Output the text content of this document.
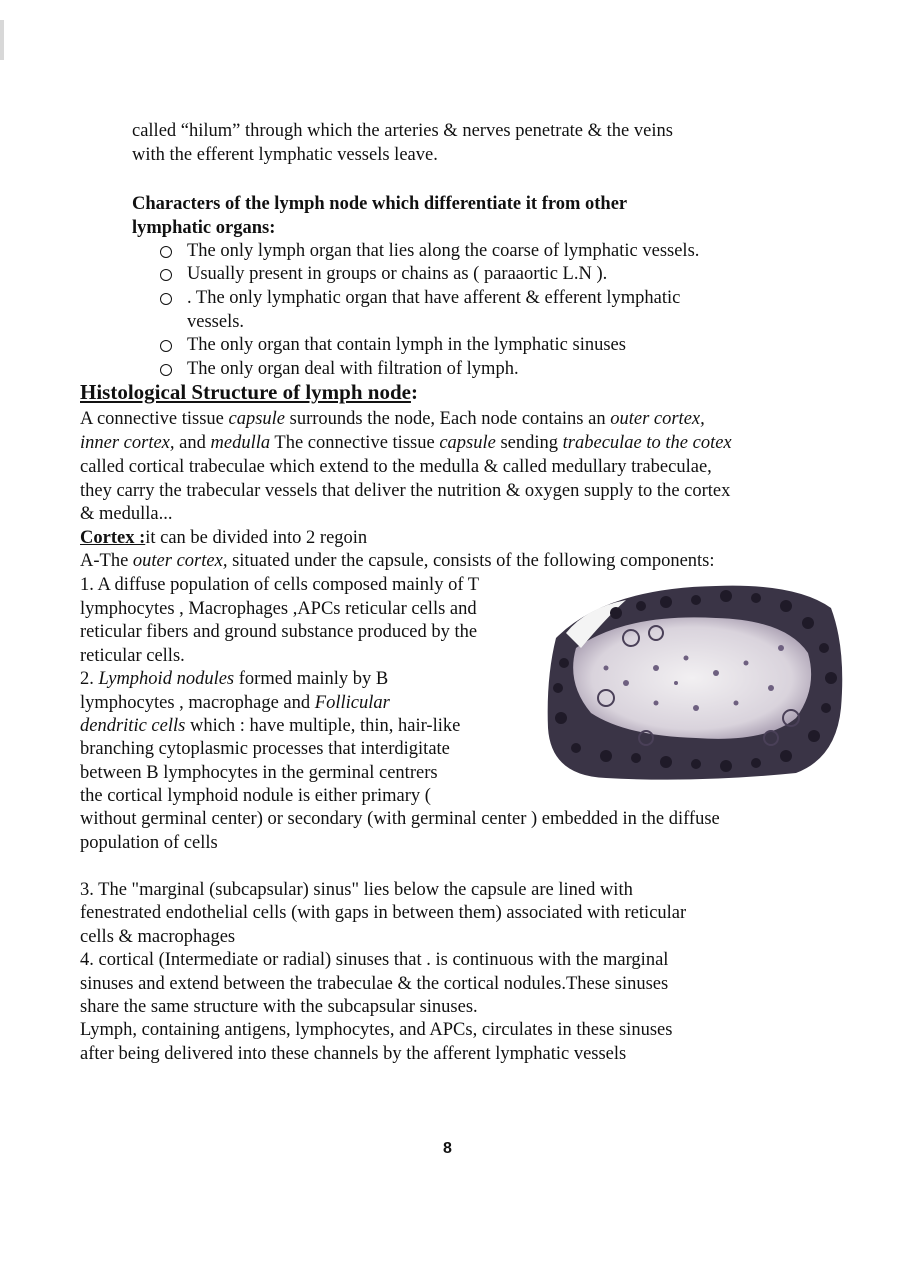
called “hilum” through which the arteries & nerves penetrate & the veins
with the efferent lymphatic vessels leave.
Characters of the lymph node which differentiate it from other
lymphatic organs:
The only lymph organ that lies along the coarse of lymphatic vessels.
Usually present in groups or chains as ( paraaortic L.N ).
. The only lymphatic organ that have afferent & efferent lymphatic
vessels.
The only organ that contain lymph in the lymphatic sinuses
The only organ deal with filtration of lymph.
Histological Structure of lymph node:
A connective tissue capsule surrounds the node, Each node contains an outer cortex,
inner cortex, and medulla The connective tissue capsule sending trabeculae to the cotex
called cortical trabeculae which extend to the medulla & called medullary trabeculae,
they carry the trabecular vessels that deliver the nutrition & oxygen supply to the cortex
& medulla...
Cortex :it can be divided into 2 regoin
A-The outer cortex, situated under the capsule, consists of the following components:
1. A diffuse population of cells composed mainly of T
lymphocytes , Macrophages ,APCs reticular cells and
reticular fibers and ground substance produced by the
reticular cells.
2. Lymphoid nodules formed mainly by B
lymphocytes , macrophage and Follicular
dendritic cells which : have multiple, thin, hair-like
branching cytoplasmic processes that interdigitate
between B lymphocytes in the germinal centrers
the cortical lymphoid nodule is either primary (
without germinal center) or secondary (with germinal center ) embedded in the diffuse
population of cells
3. The "marginal (subcapsular) sinus" lies below the capsule are lined with
fenestrated endothelial cells (with gaps in between them) associated with reticular
cells & macrophages
4. cortical (Intermediate or radial) sinuses that . is continuous with the marginal
sinuses and extend between the trabeculae & the cortical nodules.These sinuses
share the same structure with the subcapsular sinuses.
Lymph, containing antigens, lymphocytes, and APCs, circulates in these sinuses
after being delivered into these channels by the afferent lymphatic vessels
8
